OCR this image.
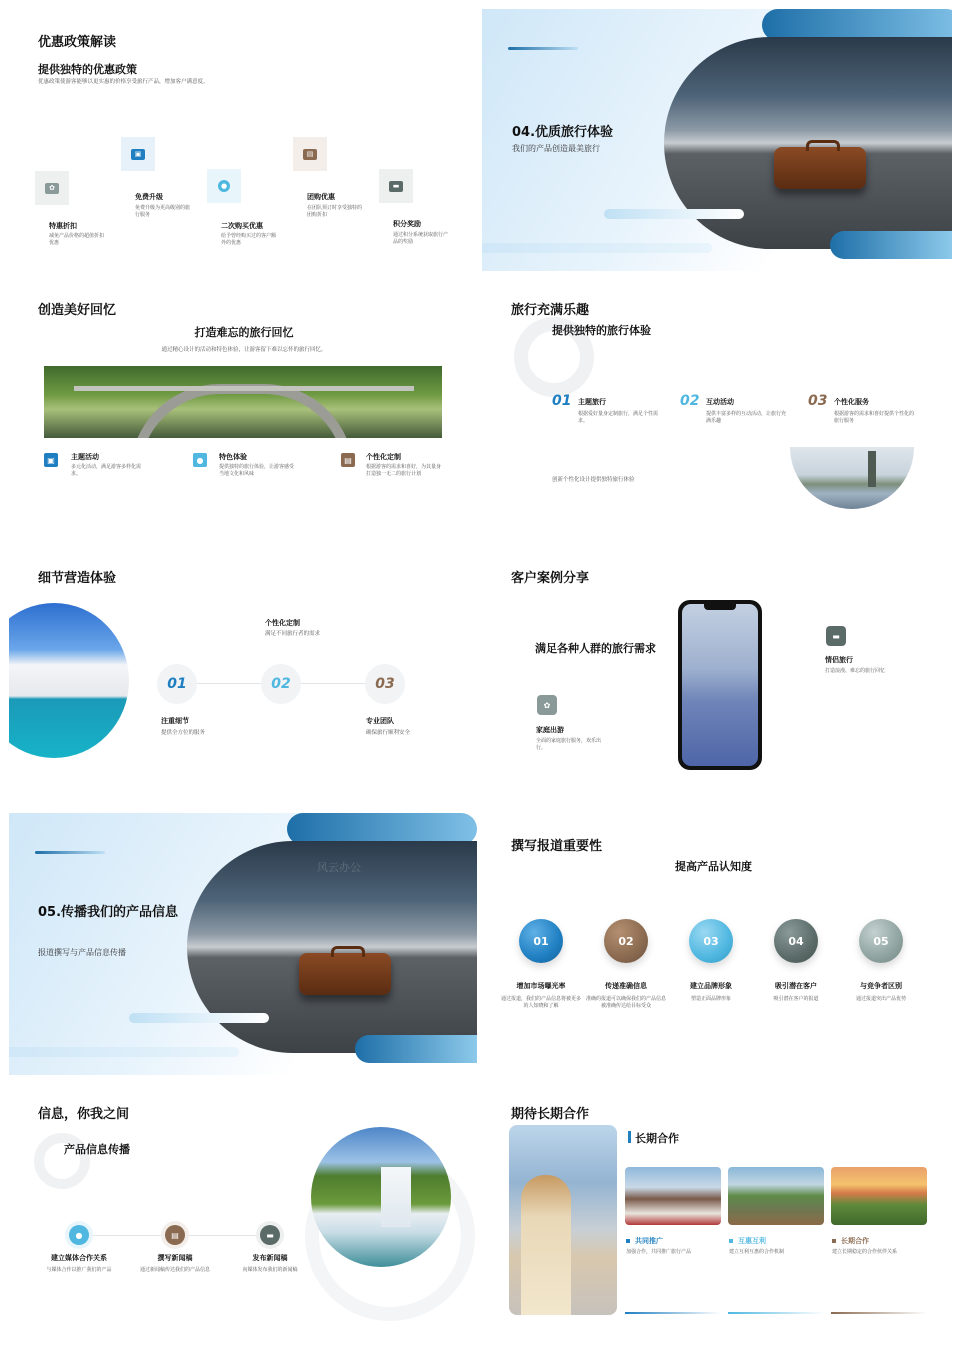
优惠政策解读
提供独特的优惠政策
优惠政策使游客能够以更实惠的价格享受旅行产品，增加客户满意度。
✿
特惠折扣
减免产品价格的超值折扣优惠
▣
免费升级
免费升级为更高级别的旅行服务
●
二次购买优惠
给予曾经购买过的客户额外的优惠
▤
团购优惠
在团队预订时享受独特的团购折扣
▬
积分奖励
通过积分系统获取旅行产品的奖励
04.优质旅行体验
我们的产品创造最美旅行
创造美好回忆
打造难忘的旅行回忆
通过精心设计的活动和特色体验，让游客留下难以忘怀的旅行回忆。
▣	主题活动
多元化活动，满足游客多样化需求。
●	特色体验
提供独特的旅行体验，让游客感受当地文化和风味
▤	个性化定制
根据游客的需求和喜好，为其量身打造独一无二的旅行计划
旅行充满乐趣
提供独特的旅行体验
01 主题旅行
根据爱好量身定制旅行，满足个性需求。
02 互动活动
提供丰富多样的互动活动，让旅行充满乐趣
03 个性化服务
根据游客的需求和喜好提供个性化的旅行服务
创新个性化设计提供独特旅行体验
细节营造体验
个性化定制
满足不同旅行者的需求
01	02	03
注重细节
提供全方位的服务
专业团队
确保旅行顺利安全
客户案例分享
满足各种人群的旅行需求
▬
情侣旅行
打造浪漫、难忘的旅行回忆
✿
家庭出游
全面的家庭旅行服务，欢乐出行。
风云办公
05.传播我们的产品信息
报道撰写与产品信息传播
撰写报道重要性
提高产品认知度
01
增加市场曝光率
通过报道，我们的产品信息将被更多的人知晓和了解
02
传递准确信息
准确的报道可以确保我们的产品信息被准确传达给目标受众
03
建立品牌形象
塑造正面品牌形象
04
吸引潜在客户
吸引潜在客户的报道
05
与竞争者区别
通过报道突出产品优势
信息，你我之间
产品信息传播
●
建立媒体合作关系
与媒体合作以推广我们的产品
▤
撰写新闻稿
通过新闻稿传达我们的产品信息
▬
发布新闻稿
向媒体发布我们的新闻稿
期待长期合作
长期合作
共同推广
加强合作，共同推广旅行产品
互惠互利
建立互利互惠的合作机制
长期合作
建立长期稳定的合作伙伴关系
